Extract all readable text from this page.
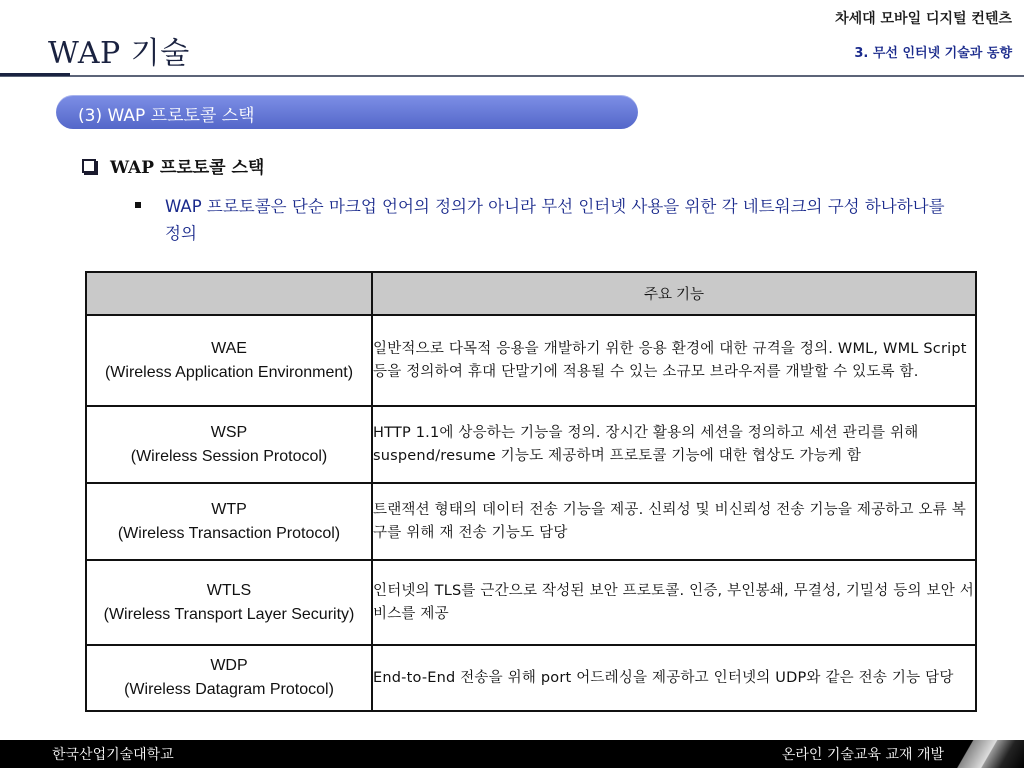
WAP 기술
차세대 모바일 디지털 컨텐츠
3. 무선 인터넷 기술과 동향
(3) WAP 프로토콜 스택
WAP 프로토콜 스택
WAP 프로토콜은 단순 마크업 언어의 정의가 아니라 무선 인터넷 사용을 위한 각 네트워크의 구성 하나하나를 정의
	주요 기능

WAE
(Wireless Application Environment)	일반적으로 다목적 응용을 개발하기 위한 응용 환경에 대한 규격을 정의. WML, WML Script 등을 정의하여 휴대 단말기에 적용될 수 있는 소규모 브라우저를 개발할 수 있도록 함.

WSP
(Wireless Session Protocol)	HTTP 1.1에 상응하는 기능을 정의. 장시간 활용의 세션을 정의하고 세션 관리를 위해 suspend/resume 기능도 제공하며 프로토콜 기능에 대한 협상도 가능케 함

WTP
(Wireless Transaction Protocol)	트랜잭션 형태의 데이터 전송 기능을 제공. 신뢰성 및 비신뢰성 전송 기능을 제공하고 오류 복구를 위해 재 전송 기능도 담당

WTLS
(Wireless Transport Layer Security)	인터넷의 TLS를 근간으로 작성된 보안 프로토콜. 인증, 부인봉쇄, 무결성, 기밀성 등의 보안 서비스를 제공

WDP
(Wireless Datagram Protocol)	End-to-End 전송을 위해 port 어드레싱을 제공하고 인터넷의 UDP와 같은 전송 기능 담당
한국산업기술대학교	온라인 기술교육 교재 개발
